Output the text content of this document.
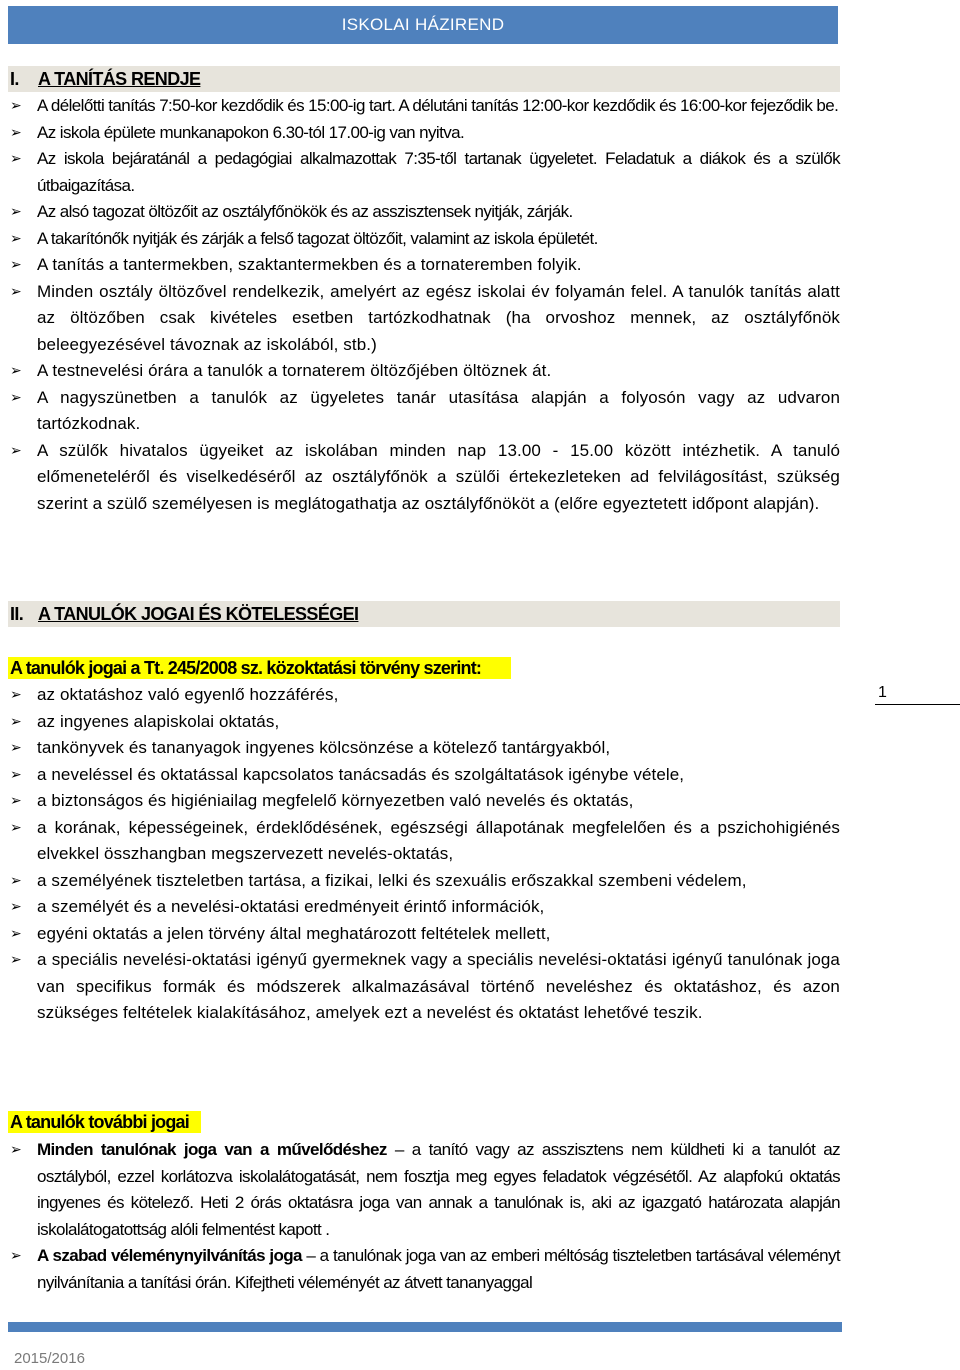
ISKOLAI HÁZIREND
I. A TANÍTÁS RENDJE
➢ A délelőtti tanítás 7:50-kor kezdődik és 15:00-ig tart. A délutáni tanítás 12:00-kor kezdődik és 16:00-kor fejeződik be.
➢ Az iskola épülete munkanapokon 6.30-tól 17.00-ig van nyitva.
➢ Az iskola bejáratánál a pedagógiai alkalmazottak 7:35-től tartanak ügyeletet. Feladatuk a diákok és a szülők útbaigazítása.
➢ Az alsó tagozat öltözőit az osztályfőnökök és az asszisztensek nyitják, zárják.
➢ A takarítónők nyitják és zárják a felső tagozat öltözőit, valamint az iskola épületét.
➢ A tanítás a tantermekben, szaktantermekben és a tornateremben folyik.
➢ Minden osztály öltözővel rendelkezik, amelyért az egész iskolai év folyamán felel. A tanulók tanítás alatt az öltözőben csak kivételes esetben tartózkodhatnak (ha orvoshoz mennek, az osztályfőnök beleegyezésével távoznak az iskolából, stb.)
➢ A testnevelési órára a tanulók a tornaterem öltözőjében öltöznek át.
➢ A nagyszünetben a tanulók az ügyeletes tanár utasítása alapján a folyosón vagy az udvaron tartózkodnak.
➢ A szülők hivatalos ügyeiket az iskolában minden nap 13.00 - 15.00 között intézhetik. A tanuló előmeneteléről és viselkedéséről az osztályfőnök a szülői értekezleteken ad felvilágosítást, szükség szerint a szülő személyesen is meglátogathatja az osztályfőnököt a (előre egyeztetett időpont alapján).
II. A TANULÓK JOGAI ÉS KÖTELESSÉGEI
A tanulók jogai a Tt. 245/2008 sz. közoktatási törvény szerint:
➢ az oktatáshoz való egyenlő hozzáférés,
➢ az ingyenes alapiskolai oktatás,
➢ tankönyvek és tananyagok ingyenes kölcsönzése a kötelező tantárgyakból,
➢ a neveléssel és oktatással kapcsolatos tanácsadás és szolgáltatások igénybe vétele,
➢ a biztonságos és higiéniailag megfelelő környezetben való nevelés és oktatás,
➢ a korának, képességeinek, érdeklődésének, egészségi állapotának megfelelően és a pszichohigiénés elvekkel összhangban megszervezett nevelés-oktatás,
➢ a személyének tiszteletben tartása, a fizikai, lelki és szexuális erőszakkal szembeni védelem,
➢ a személyét és a nevelési-oktatási eredményeit érintő információk,
➢ egyéni oktatás a jelen törvény által meghatározott feltételek mellett,
➢ a speciális nevelési-oktatási igényű gyermeknek vagy a speciális nevelési-oktatási igényű tanulónak joga van specifikus formák és módszerek alkalmazásával történő neveléshez és oktatáshoz, és azon szükséges feltételek kialakításához, amelyek ezt a nevelést és oktatást lehetővé teszik.
A tanulók további jogai
➢ Minden tanulónak joga van a művelődéshez – a tanító vagy az asszisztens nem küldheti ki a tanulót az osztályból, ezzel korlátozva iskolalátogatását, nem fosztja meg egyes feladatok végzésétől. Az alapfokú oktatás ingyenes és kötelező. Heti 2 órás oktatásra joga van annak a tanulónak is, aki az igazgató határozata alapján iskolalátogatottság alóli felmentést kapott .
➢ A szabad véleménynyilvánítás joga – a tanulónak joga van az emberi méltóság tiszteletben tartásával véleményt nyilvánítania a tanítási órán. Kifejtheti véleményét az átvett tananyaggal
1
2015/2016
